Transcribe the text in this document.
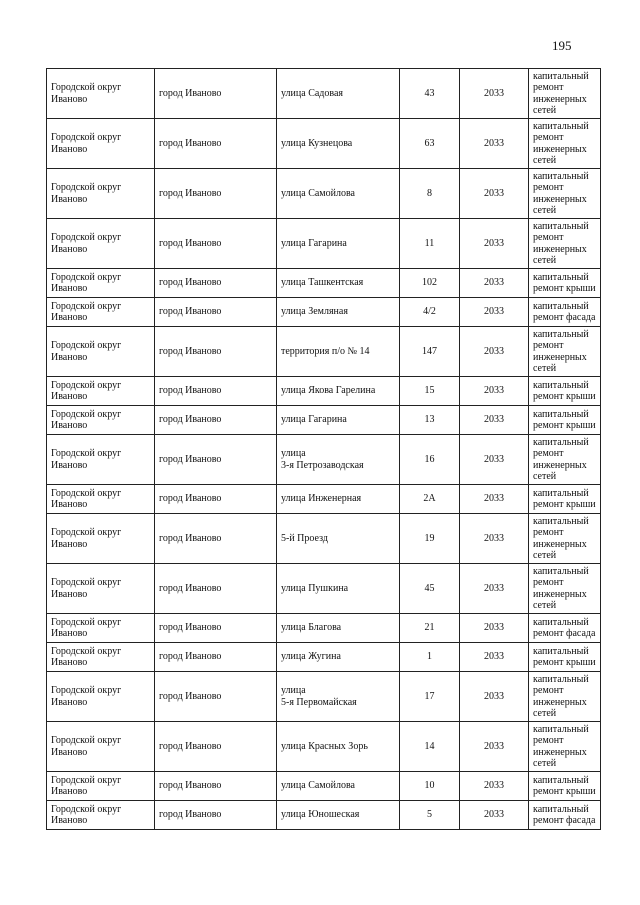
195
Городской округ Иваново	город Иваново	улица Садовая	43	2033	капитальный
ремонт
инженерных
сетей
Городской округ Иваново	город Иваново	улица Кузнецова	63	2033	капитальный
ремонт
инженерных
сетей
Городской округ Иваново	город Иваново	улица Самойлова	8	2033	капитальный
ремонт
инженерных
сетей
Городской округ Иваново	город Иваново	улица Гагарина	11	2033	капитальный
ремонт
инженерных
сетей
Городской округ Иваново	город Иваново	улица Ташкентская	102	2033	капитальный
ремонт крыши
Городской округ Иваново	город Иваново	улица Земляная	4/2	2033	капитальный
ремонт фасада
Городской округ Иваново	город Иваново	территория п/о № 14	147	2033	капитальный
ремонт
инженерных
сетей
Городской округ Иваново	город Иваново	улица Якова Гарелина	15	2033	капитальный
ремонт крыши
Городской округ Иваново	город Иваново	улица Гагарина	13	2033	капитальный
ремонт крыши
Городской округ Иваново	город Иваново	улица
3-я Петрозаводская	16	2033	капитальный
ремонт
инженерных
сетей
Городской округ Иваново	город Иваново	улица Инженерная	2А	2033	капитальный
ремонт крыши
Городской округ Иваново	город Иваново	5-й Проезд	19	2033	капитальный
ремонт
инженерных
сетей
Городской округ Иваново	город Иваново	улица Пушкина	45	2033	капитальный
ремонт
инженерных
сетей
Городской округ Иваново	город Иваново	улица Благова	21	2033	капитальный
ремонт фасада
Городской округ Иваново	город Иваново	улица Жугина	1	2033	капитальный
ремонт крыши
Городской округ Иваново	город Иваново	улица
5-я Первомайская	17	2033	капитальный
ремонт
инженерных
сетей
Городской округ Иваново	город Иваново	улица Красных Зорь	14	2033	капитальный
ремонт
инженерных
сетей
Городской округ Иваново	город Иваново	улица Самойлова	10	2033	капитальный
ремонт крыши
Городской округ Иваново	город Иваново	улица Юношеская	5	2033	капитальный
ремонт фасада
